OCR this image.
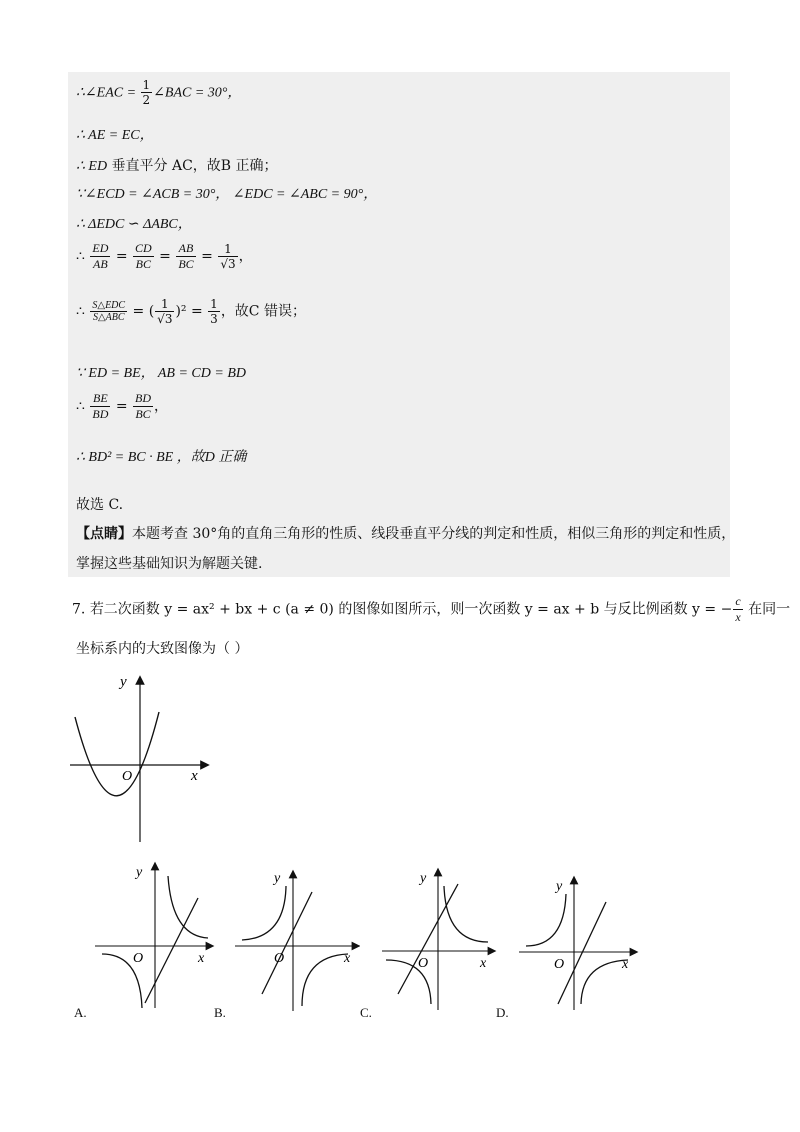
∴∠EAC = $\frac{1}{2}$ ∠BAC = 30°，
∴ AE = EC，
∴ ED 垂直平分 AC，故B 正确；
∵∠ECD = ∠ACB = 30°， ∠EDC = ∠ABC = 90°，
∴ ΔEDC ∽ ΔABC，
∴ $\frac{ED}{AB} = \frac{CD}{BC} = \frac{AB}{BC} = \frac{1}{√3}$ ，
∴ $\frac{\text{S△EDC}}{\text{S△ABC}}$ = ( $\frac{1}{√3} )^2 = \frac{1}{3}$ ，故C 错误；
∵ ED = BE， AB = CD = BD
∴ $\frac{BE}{BD} = \frac{BD}{BC}$ ，
∴ BD² = BC · BE ，故D 正确
故选 C.
【点睛】本题考查 30°角的直角三角形的性质、线段垂直平分线的判定和性质，相似三角形的判定和性质，
掌握这些基础知识为解题关键.
7. 若二次函数 y = ax² + bx + c (a ≠ 0) 的图像如图所示，则一次函数 y = ax + b 与反比例函数 y = − $\frac{c}{x}$ 在同一
坐标系内的大致图像为（ ）
y
x
O
y
x
O
A.
y
x
O
B.
y
x
O
C.
y
x
O
D.
